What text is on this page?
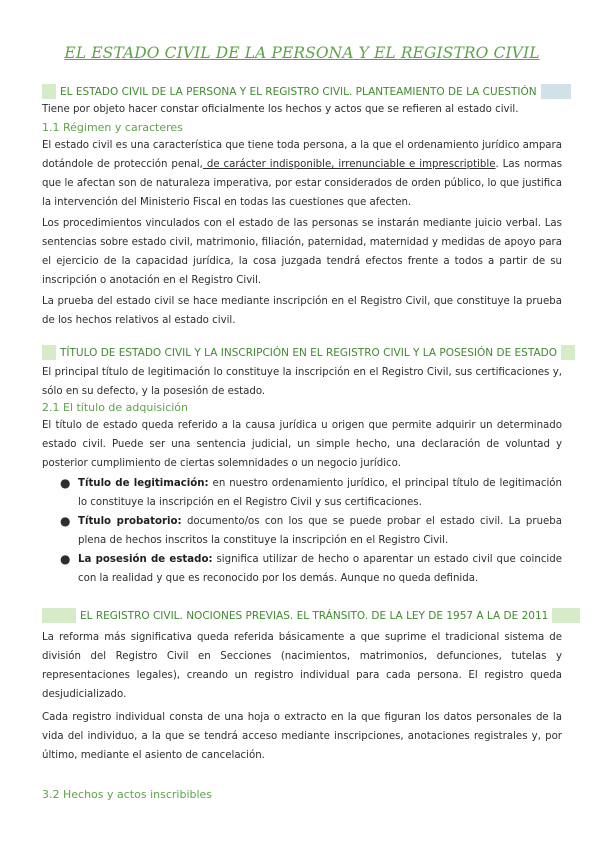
EL ESTADO CIVIL DE LA PERSONA Y EL REGISTRO CIVIL
EL ESTADO CIVIL DE LA PERSONA Y EL REGISTRO CIVIL. PLANTEAMIENTO DE LA CUESTIÓN
Tiene por objeto hacer constar oficialmente los hechos y actos que se refieren al estado civil.
1.1 Régimen y caracteres
El estado civil es una característica que tiene toda persona, a la que el ordenamiento jurídico ampara dotándole de protección penal, de carácter indisponible, irrenunciable e imprescriptible. Las normas que le afectan son de naturaleza imperativa, por estar considerados de orden público, lo que justifica la intervención del Ministerio Fiscal en todas las cuestiones que afecten.
Los procedimientos vinculados con el estado de las personas se instarán mediante juicio verbal. Las sentencias sobre estado civil, matrimonio, filiación, paternidad, maternidad y medidas de apoyo para el ejercicio de la capacidad jurídica, la cosa juzgada tendrá efectos frente a todos a partir de su inscripción o anotación en el Registro Civil.
La prueba del estado civil se hace mediante inscripción en el Registro Civil, que constituye la prueba de los hechos relativos al estado civil.
TÍTULO DE ESTADO CIVIL Y LA INSCRIPCIÓN EN EL REGISTRO CIVIL Y LA POSESIÓN DE ESTADO
El principal título de legitimación lo constituye la inscripción en el Registro Civil, sus certificaciones y, sólo en su defecto, y la posesión de estado.
2.1 El título de adquisición
El título de estado queda referido a la causa jurídica u origen que permite adquirir un determinado estado civil. Puede ser una sentencia judicial, un simple hecho, una declaración de voluntad y posterior cumplimiento de ciertas solemnidades o un negocio jurídico.
● Título de legitimación: en nuestro ordenamiento jurídico, el principal título de legitimación lo constituye la inscripción en el Registro Civil y sus certificaciones.
● Título probatorio: documento/os con los que se puede probar el estado civil. La prueba plena de hechos inscritos la constituye la inscripción en el Registro Civil.
● La posesión de estado: significa utilizar de hecho o aparentar un estado civil que coincide con la realidad y que es reconocido por los demás. Aunque no queda definida.
EL REGISTRO CIVIL. NOCIONES PREVIAS. EL TRÁNSITO. DE LA LEY DE 1957 A LA DE 2011
La reforma más significativa queda referida básicamente a que suprime el tradicional sistema de división del Registro Civil en Secciones (nacimientos, matrimonios, defunciones, tutelas y representaciones legales), creando un registro individual para cada persona. El registro queda desjudicializado.
Cada registro individual consta de una hoja o extracto en la que figuran los datos personales de la vida del individuo, a la que se tendrá acceso mediante inscripciones, anotaciones registrales y, por último, mediante el asiento de cancelación.
3.2 Hechos y actos inscribibles
